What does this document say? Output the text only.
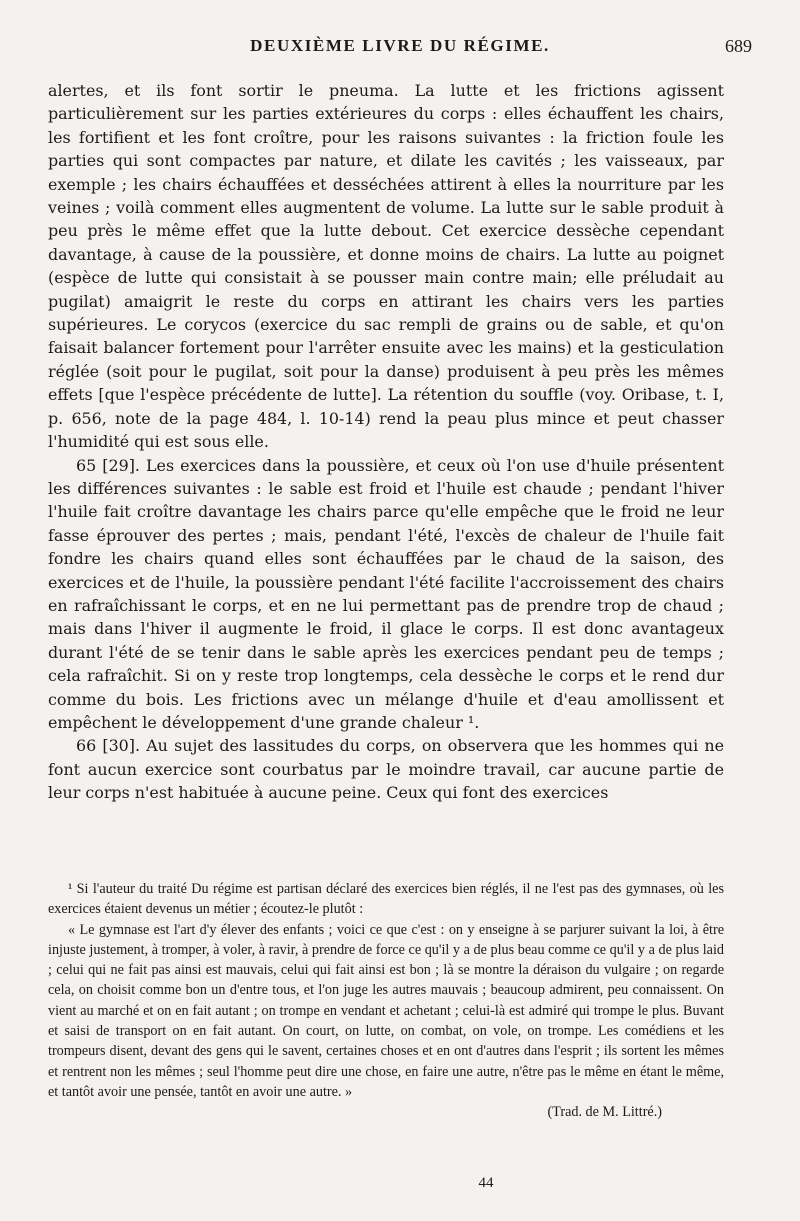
DEUXIÈME LIVRE DU RÉGIME.	689

alertes, et ils font sortir le pneuma. La lutte et les frictions agissent particulièrement sur les parties extérieures du corps : elles échauffent les chairs, les fortifient et les font croître, pour les raisons suivantes : la friction foule les parties qui sont compactes par nature, et dilate les cavités ; les vaisseaux, par exemple ; les chairs échauffées et desséchées attirent à elles la nourriture par les veines ; voilà comment elles augmentent de volume. La lutte sur le sable produit à peu près le même effet que la lutte debout. Cet exercice dessèche cependant davantage, à cause de la poussière, et donne moins de chairs. La lutte au poignet (espèce de lutte qui consistait à se pousser main contre main; elle préludait au pugilat) amaigrit le reste du corps en attirant les chairs vers les parties supérieures. Le corycos (exercice du sac rempli de grains ou de sable, et qu'on faisait balancer fortement pour l'arrêter ensuite avec les mains) et la gesticulation réglée (soit pour le pugilat, soit pour la danse) produisent à peu près les mêmes effets [que l'espèce précédente de lutte]. La rétention du souffle (voy. Oribase, t. I, p. 656, note de la page 484, l. 10-14) rend la peau plus mince et peut chasser l'humidité qui est sous elle.

65 [29]. Les exercices dans la poussière, et ceux où l'on use d'huile présentent les différences suivantes : le sable est froid et l'huile est chaude ; pendant l'hiver l'huile fait croître davantage les chairs parce qu'elle empêche que le froid ne leur fasse éprouver des pertes ; mais, pendant l'été, l'excès de chaleur de l'huile fait fondre les chairs quand elles sont échauffées par le chaud de la saison, des exercices et de l'huile, la poussière pendant l'été facilite l'accroissement des chairs en rafraîchissant le corps, et en ne lui permettant pas de prendre trop de chaud ; mais dans l'hiver il augmente le froid, il glace le corps. Il est donc avantageux durant l'été de se tenir dans le sable après les exercices pendant peu de temps ; cela rafraîchit. Si on y reste trop longtemps, cela dessèche le corps et le rend dur comme du bois. Les frictions avec un mélange d'huile et d'eau amollissent et empêchent le développement d'une grande chaleur ¹.

66 [30]. Au sujet des lassitudes du corps, on observera que les hommes qui ne font aucun exercice sont courbatus par le moindre travail, car aucune partie de leur corps n'est habituée à aucune peine. Ceux qui font des exercices

¹ Si l'auteur du traité Du régime est partisan déclaré des exercices bien réglés, il ne l'est pas des gymnases, où les exercices étaient devenus un métier ; écoutez-le plutôt :

« Le gymnase est l'art d'y élever des enfants ; voici ce que c'est : on y enseigne à se parjurer suivant la loi, à être injuste justement, à tromper, à voler, à ravir, à prendre de force ce qu'il y a de plus beau comme ce qu'il y a de plus laid ; celui qui ne fait pas ainsi est mauvais, celui qui fait ainsi est bon ; là se montre la déraison du vulgaire ; on regarde cela, on choisit comme bon un d'entre tous, et l'on juge les autres mauvais ; beaucoup admirent, peu connaissent. On vient au marché et on en fait autant ; on trompe en vendant et achetant ; celui-là est admiré qui trompe le plus. Buvant et saisi de transport on en fait autant. On court, on lutte, on combat, on vole, on trompe. Les comédiens et les trompeurs disent, devant des gens qui le savent, certaines choses et en ont d'autres dans l'esprit ; ils sortent les mêmes et rentrent non les mêmes ; seul l'homme peut dire une chose, en faire une autre, n'être pas le même en étant le même, et tantôt avoir une pensée, tantôt en avoir une autre. »

(Trad. de M. Littré.)

44
